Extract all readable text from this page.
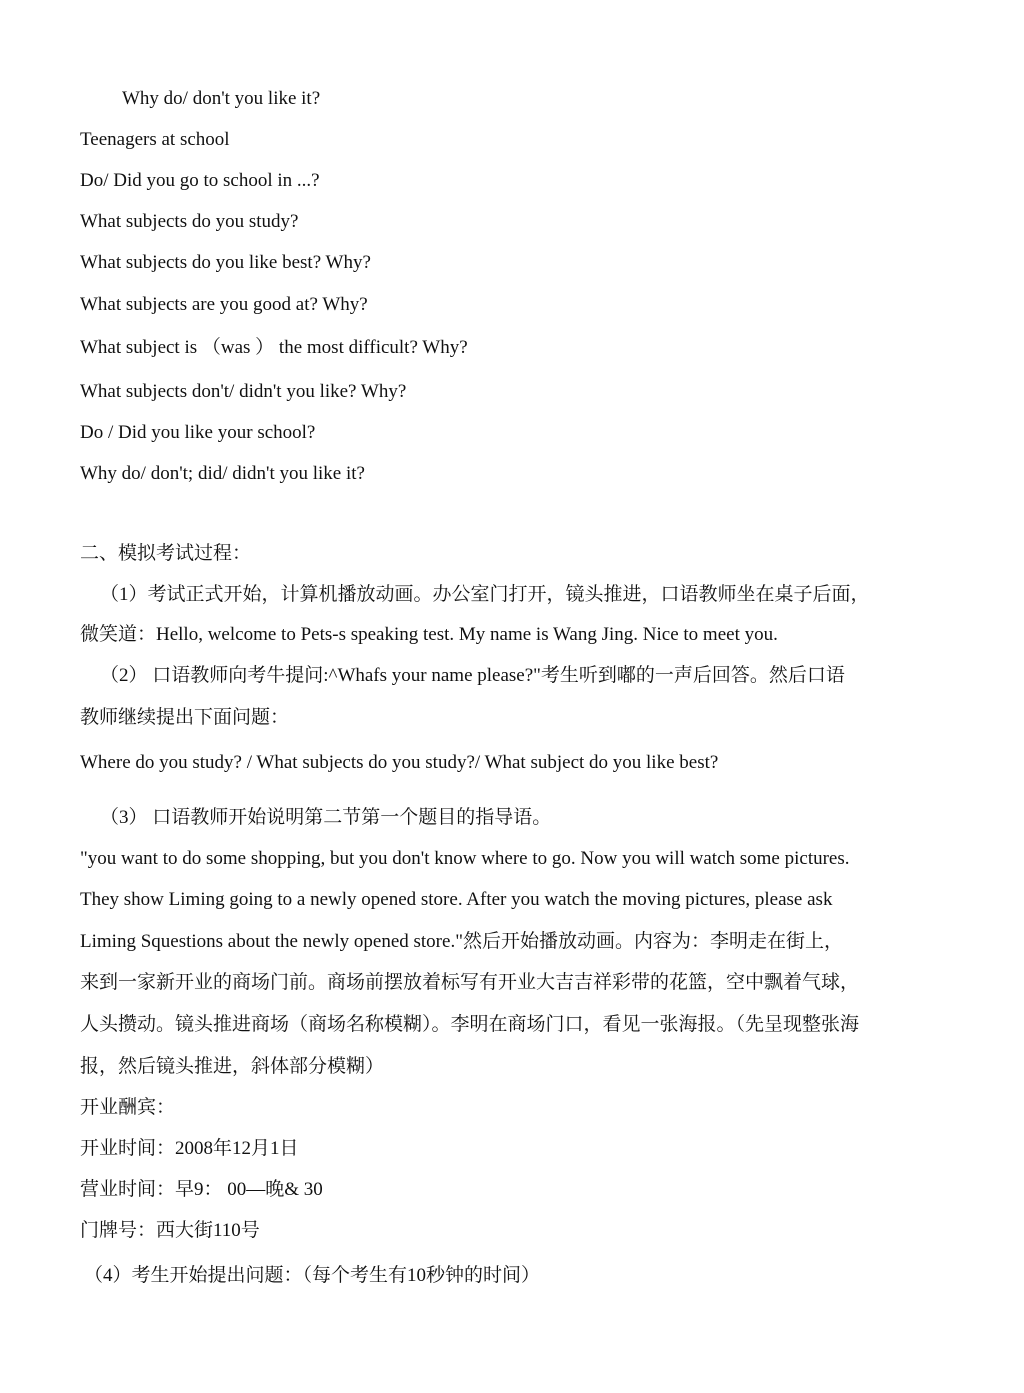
Why do/ don't you like it?

Teenagers at school

Do/ Did you go to school in ...?

What subjects do you study?

What subjects do you like best? Why?

What subjects are you good at? Why?

What subject is （was ） the most difficult? Why?

What subjects don't/ didn't you like? Why?

Do / Did you like your school?

Why do/ don't; did/ didn't you like it?

二、模拟考试过程：

（1）考试正式开始，计算机播放动画。办公室门打开，镜头推进，口语教师坐在桌子后面，

微笑道：Hello, welcome to Pets-s speaking test. My name is Wang Jing. Nice to meet you.

（2） 口语教师向考牛提问:^Whafs your name please?"考生听到嘟的一声后回答。然后口语

教师继续提出下面问题：

Where do you study? / What subjects do you study?/ What subject do you like best?

（3） 口语教师开始说明第二节第一个题目的指导语。

"you want to do some shopping, but you don't know where to go. Now you will watch some pictures.

They show Liming going to a newly opened store. After you watch the moving pictures, please ask

Liming Squestions about the newly opened store."然后开始播放动画。内容为：李明走在街上，

来到一家新开业的商场门前。商场前摆放着标写有开业大吉吉祥彩带的花篮，空中飘着气球，

人头攒动。镜头推进商场（商场名称模糊）。李明在商场门口，看见一张海报。（先呈现整张海

报，然后镜头推进，斜体部分模糊）

开业酬宾：

开业时间：2008年12月1日

营业时间：早9： 00—晚& 30

门牌号：西大街110号

（4）考生开始提出问题：（每个考生有10秒钟的时间）
